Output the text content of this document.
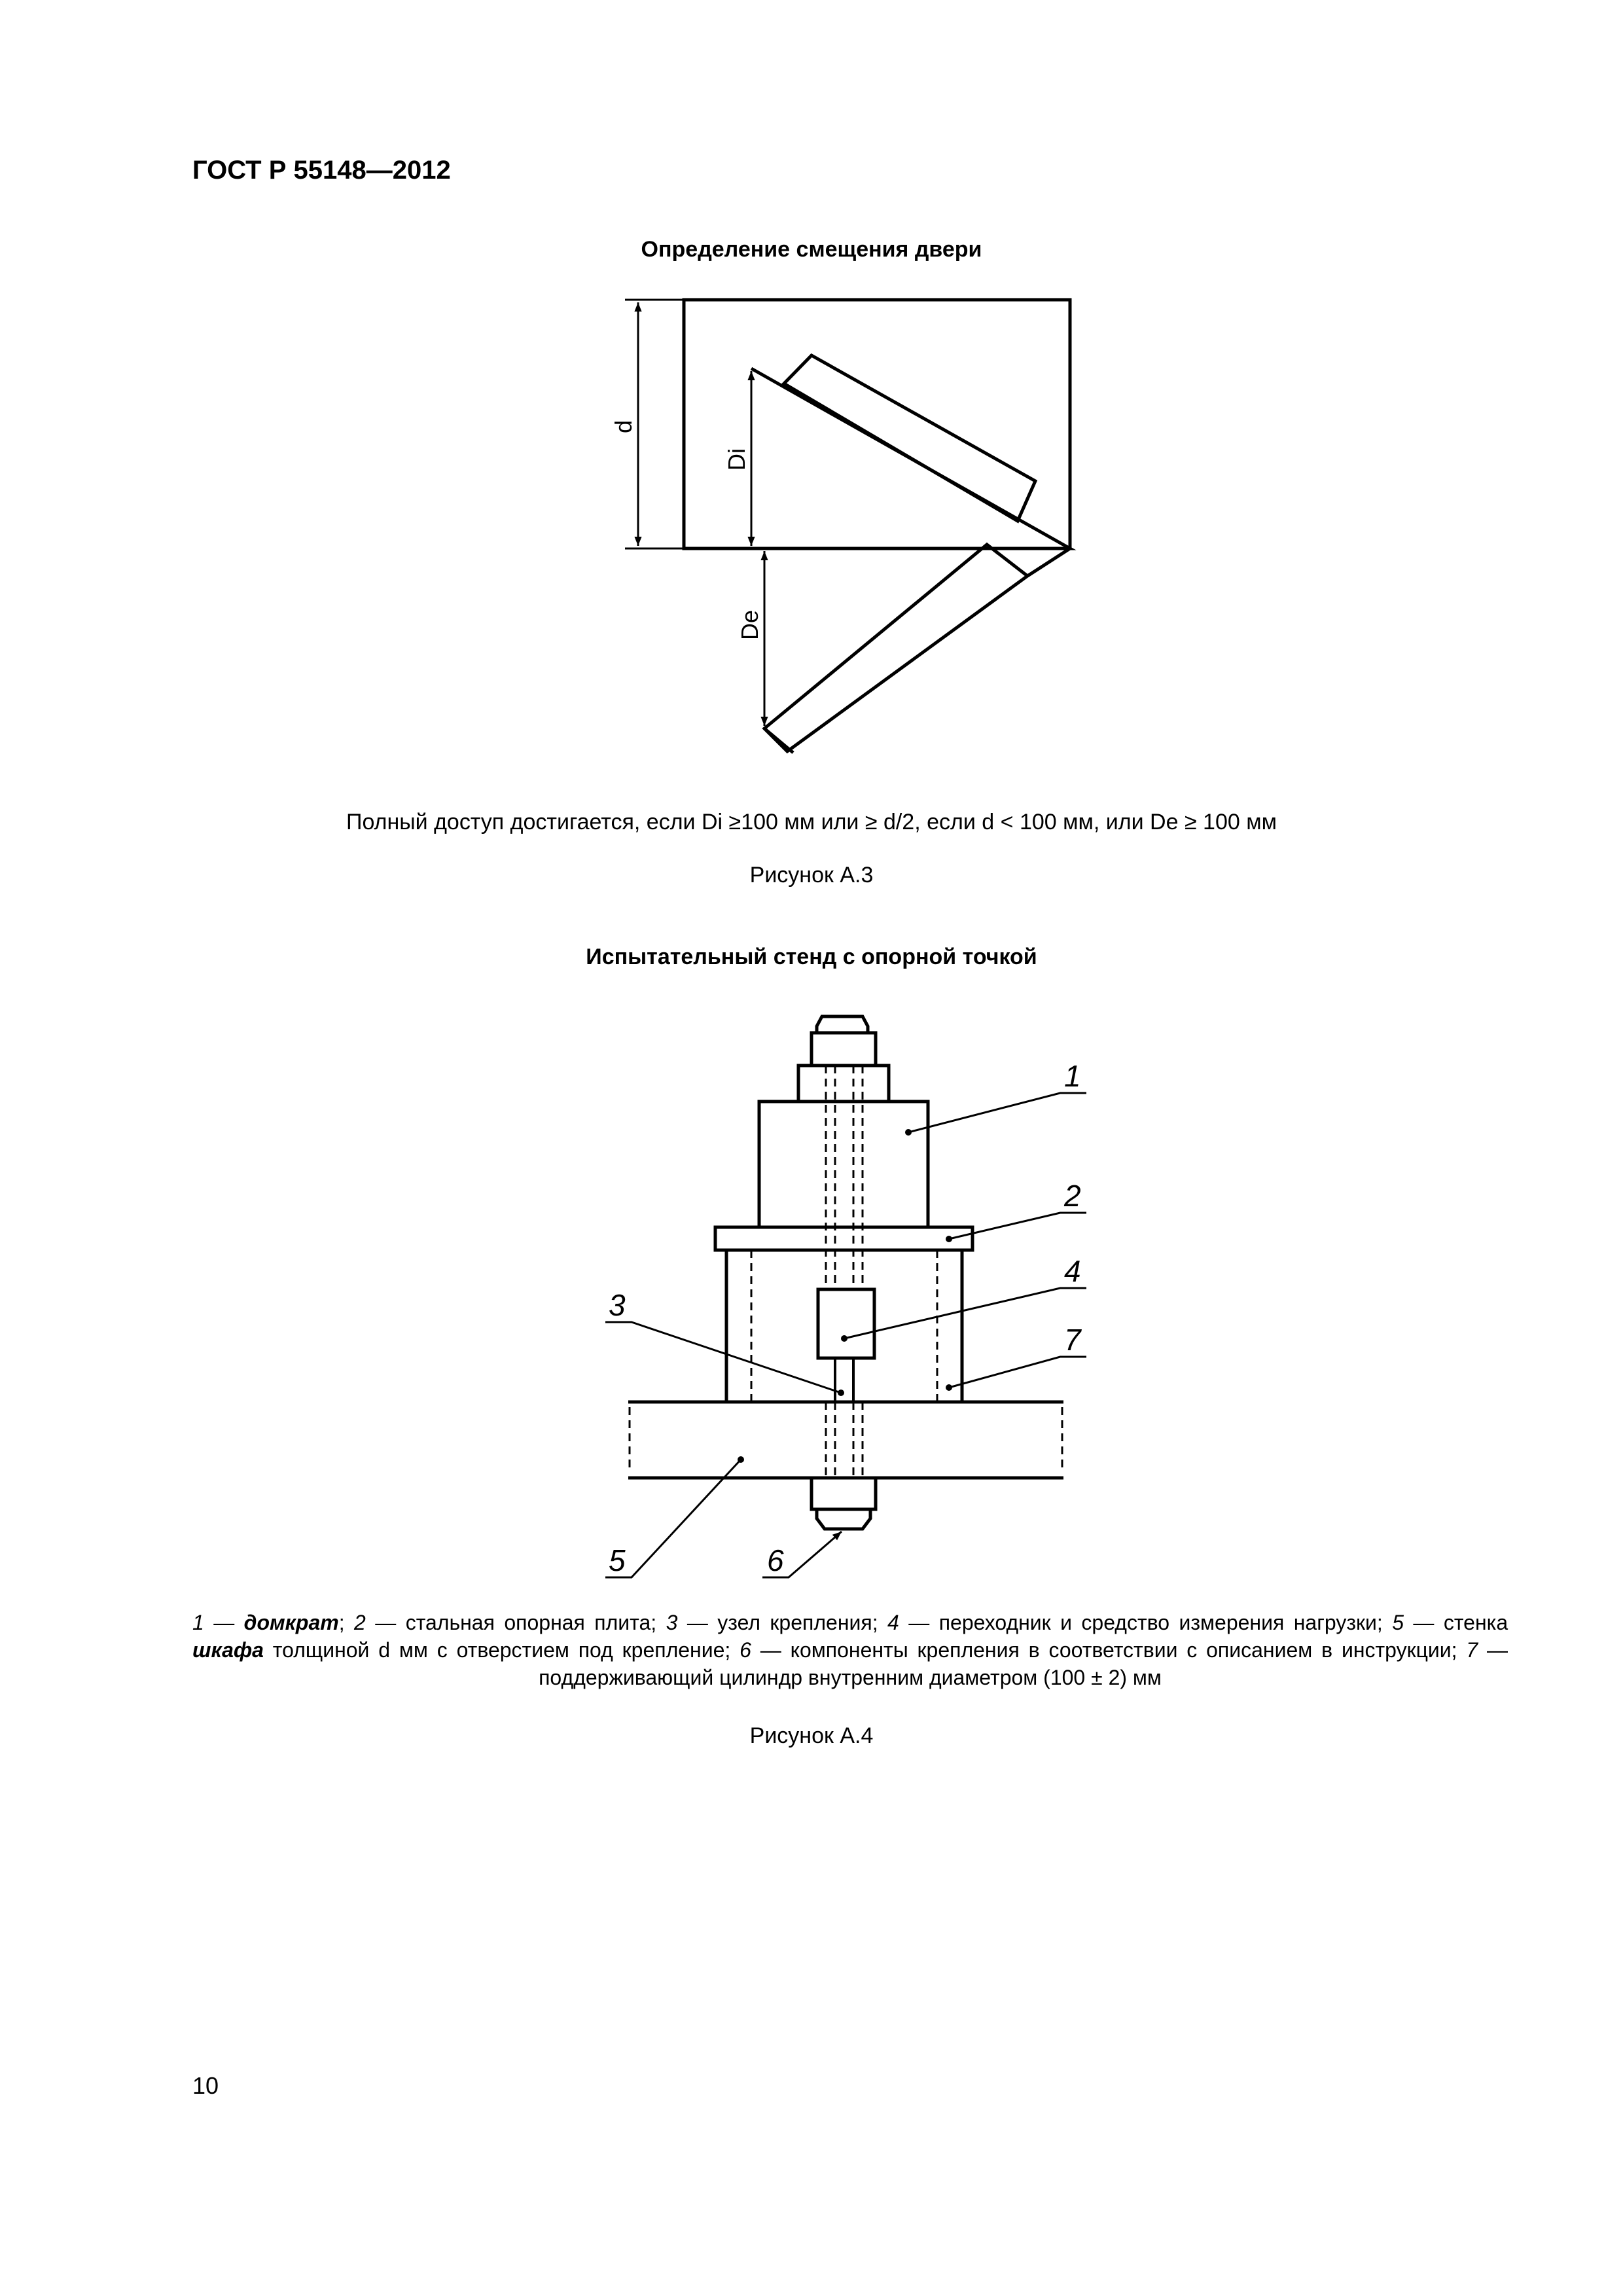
ГОСТ Р 55148—2012
Определение смещения двери
d
Di
De
1
2
4
7
3
5	6
Полный доступ достигается, если Di ≥100 мм или ≥ d/2, если d < 100 мм, или De ≥ 100 мм
Рисунок А.3
Испытательный стенд с опорной точкой
1 — домкрат; 2 — стальная опорная плита; 3 — узел крепления; 4 — переходник и средство измерения нагрузки; 5 — стенка шкафа толщиной d мм с отверстием под крепление; 6 — компоненты крепления в соответствии с описанием в инструкции; 7 — поддерживающий цилиндр внутренним диаметром (100 ± 2) мм
Рисунок А.4
10
